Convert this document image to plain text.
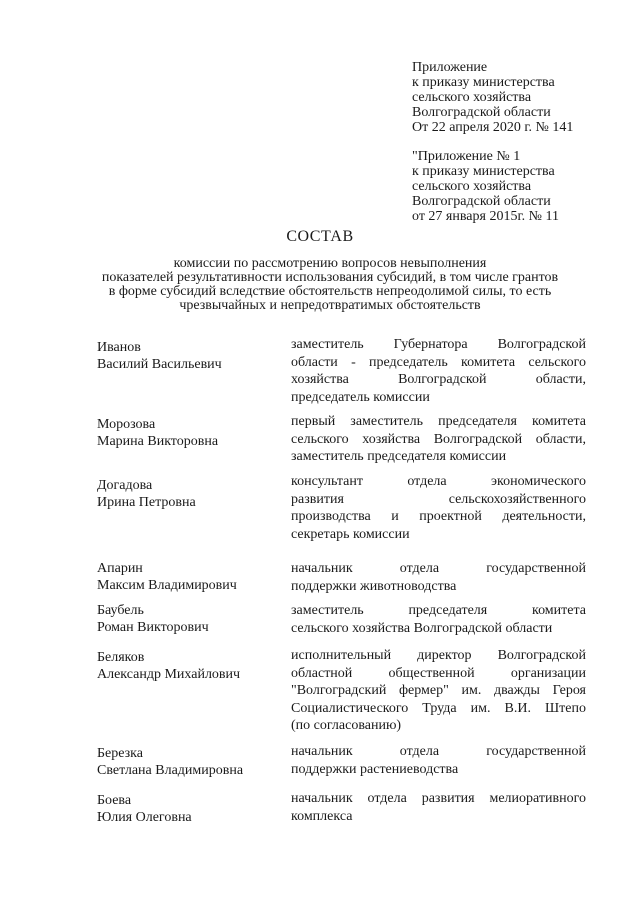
Приложение
к приказу министерства
сельского хозяйства
Волгоградской области
От 22 апреля 2020 г. № 141
"Приложение № 1
к приказу министерства
сельского хозяйства
Волгоградской области
от 27 января 2015г. № 11
СОСТАВ
комиссии по рассмотрению вопросов невыполнения
показателей результативности использования субсидий, в том числе грантов
в форме субсидий вследствие обстоятельств непреодолимой силы, то есть
чрезвычайных и непредотвратимых обстоятельств
Иванов
Василий Васильевич
заместитель Губернатора Волгоградской
области - председатель комитета сельского
хозяйства Волгоградской области,
председатель комиссии
Морозова
Марина Викторовна
первый заместитель председателя комитета
сельского хозяйства Волгоградской области,
заместитель председателя комиссии
Догадова
Ирина Петровна
консультант отдела экономического
развития сельскохозяйственного
производства и проектной деятельности,
секретарь комиссии
Апарин
Максим Владимирович
начальник отдела государственной
поддержки животноводства
Баубель
Роман Викторович
заместитель председателя комитета
сельского хозяйства Волгоградской области
Беляков
Александр Михайлович
исполнительный директор Волгоградской
областной общественной организации
"Волгоградский фермер" им. дважды Героя
Социалистического Труда им. В.И. Штепо
(по согласованию)
Березка
Светлана Владимировна
начальник отдела государственной
поддержки растениеводства
Боева
Юлия Олеговна
начальник отдела развития мелиоративного
комплекса
